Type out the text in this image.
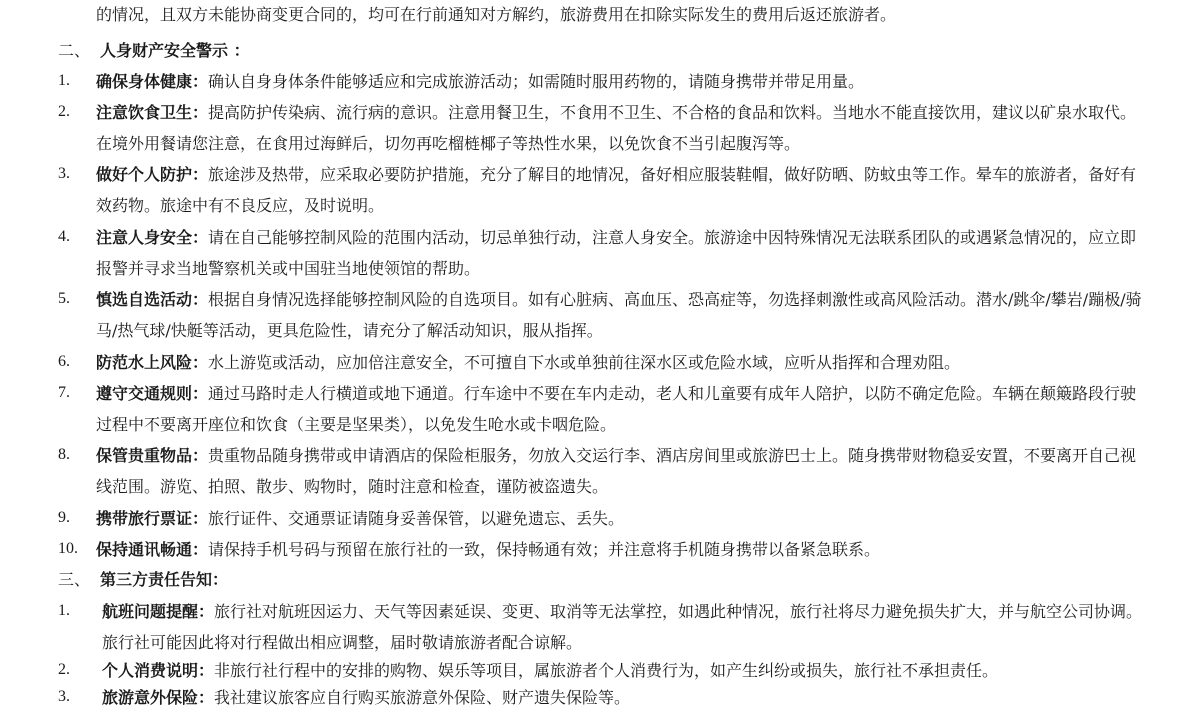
的情况，且双方未能协商变更合同的，均可在行前通知对方解约，旅游费用在扣除实际发生的费用后返还旅游者。
二、 人身财产安全警示 ：
1. 确保身体健康：确认自身身体条件能够适应和完成旅游活动；如需随时服用药物的，请随身携带并带足用量。
2. 注意饮食卫生：提高防护传染病、流行病的意识。注意用餐卫生，不食用不卫生、不合格的食品和饮料。当地水不能直接饮用，建议以矿泉水取代。在境外用餐请您注意，在食用过海鲜后，切勿再吃榴梿椰子等热性水果，以免饮食不当引起腹泻等。
3. 做好个人防护：旅途涉及热带，应采取必要防护措施，充分了解目的地情况，备好相应服装鞋帽，做好防晒、防蚊虫等工作。晕车的旅游者，备好有效药物。旅途中有不良反应，及时说明。
4. 注意人身安全：请在自己能够控制风险的范围内活动，切忌单独行动，注意人身安全。旅游途中因特殊情况无法联系团队的或遇紧急情况的，应立即报警并寻求当地警察机关或中国驻当地使领馆的帮助。
5. 慎选自选活动：根据自身情况选择能够控制风险的自选项目。如有心脏病、高血压、恐高症等，勿选择刺激性或高风险活动。潜水/跳伞/攀岩/蹦极/骑马/热气球/快艇等活动，更具危险性，请充分了解活动知识，服从指挥。
6. 防范水上风险：水上游览或活动，应加倍注意安全，不可擅自下水或单独前往深水区或危险水域，应听从指挥和合理劝阻。
7. 遵守交通规则：通过马路时走人行横道或地下通道。行车途中不要在车内走动，老人和儿童要有成年人陪护，以防不确定危险。车辆在颠簸路段行驶过程中不要离开座位和饮食（主要是坚果类），以免发生呛水或卡咽危险。
8. 保管贵重物品：贵重物品随身携带或申请酒店的保险柜服务，勿放入交运行李、酒店房间里或旅游巴士上。随身携带财物稳妥安置，不要离开自己视线范围。游览、拍照、散步、购物时，随时注意和检查，谨防被盗遗失。
9. 携带旅行票证：旅行证件、交通票证请随身妥善保管，以避免遗忘、丢失。
10. 保持通讯畅通：请保持手机号码与预留在旅行社的一致，保持畅通有效；并注意将手机随身携带以备紧急联系。
三、 第三方责任告知：
1. 航班问题提醒：旅行社对航班因运力、天气等因素延误、变更、取消等无法掌控，如遇此种情况，旅行社将尽力避免损失扩大，并与航空公司协调。旅行社可能因此将对行程做出相应调整，届时敬请旅游者配合谅解。
2. 个人消费说明：非旅行社行程中的安排的购物、娱乐等项目，属旅游者个人消费行为，如产生纠纷或损失，旅行社不承担责任。
3. 旅游意外保险：我社建议旅客应自行购买旅游意外保险、财产遗失保险等。
